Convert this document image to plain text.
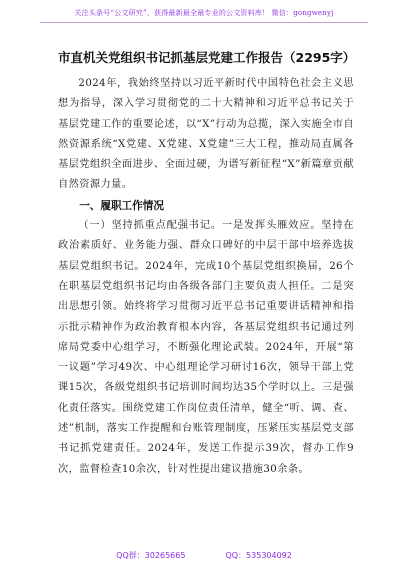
关注头条号“公文研究”，获得最新最全最专业的公文资料库！ 微信：gongwenyj
市直机关党组织书记抓基层党建工作报告（2295字）

2024年，我始终坚持以习近平新时代中国特色社会主义思想为指导，深入学习贯彻党的二十大精神和习近平总书记关于基层党建工作的重要论述，以“X”行动为总揽，深入实施全市自然资源系统“X党建、X党建、X党建”三大工程，推动局直属各基层党组织全面进步、全面过硬，为谱写新征程“X”新篇章贡献自然资源力量。

一、履职工作情况

（一）坚持抓重点配强书记。一是发挥头雁效应。坚持在政治素质好、业务能力强、群众口碑好的中层干部中培养选拔基层党组织书记。2024年，完成10个基层党组织换届，26个在职基层党组织书记均由各级各部门主要负责人担任。二是突出思想引领。始终将学习贯彻习近平总书记重要讲话精神和指示批示精神作为政治教育根本内容，各基层党组织书记通过列席局党委中心组学习，不断强化理论武装。2024年，开展“第一议题”学习49次、中心组理论学习研讨16次，领导干部上党课15次，各级党组织书记培训时间均达35个学时以上。三是强化责任落实。围绕党建工作岗位责任清单，健全“听、调、查、述”机制，落实工作提醒和台账管理制度，压紧压实基层党支部书记抓党建责任。2024年，发送工作提示39次，督办工作9次，监督检查10余次，针对性提出建议措施30余条。

QQ群：30265665	QQ：535304092
